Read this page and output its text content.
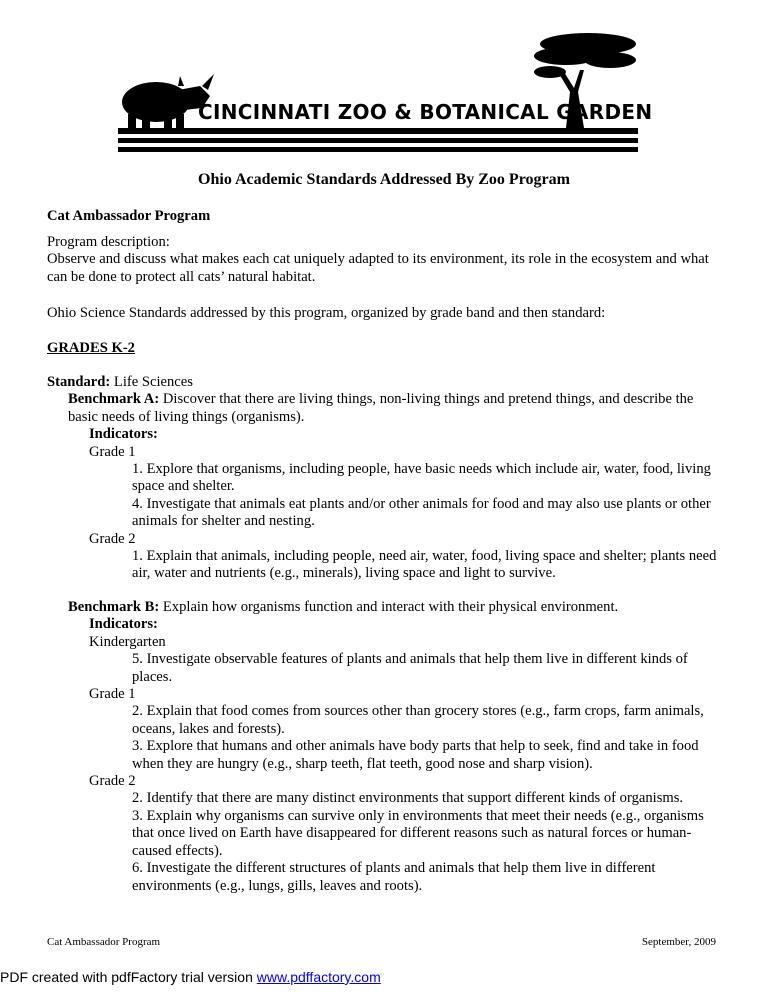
CINCINNATI ZOO & BOTANICAL GARDEN
Ohio Academic Standards Addressed By Zoo Program
Cat Ambassador Program

Program description:

Observe and discuss what makes each cat uniquely adapted to its environment, its role in the ecosystem and what can be done to protect all cats’ natural habitat.

Ohio Science Standards addressed by this program, organized by grade band and then standard:
GRADES K-2

Standard: Life Sciences

Benchmark A: Discover that there are living things, non-living things and pretend things, and describe the basic needs of living things (organisms).

Indicators:

Grade 1

1. Explore that organisms, including people, have basic needs which include air, water, food, living space and shelter.

4. Investigate that animals eat plants and/or other animals for food and may also use plants or other animals for shelter and nesting.

Grade 2

1. Explain that animals, including people, need air, water, food, living space and shelter; plants need air, water and nutrients (e.g., minerals), living space and light to survive.

Benchmark B: Explain how organisms function and interact with their physical environment.

Indicators:

Kindergarten

5. Investigate observable features of plants and animals that help them live in different kinds of places.

Grade 1

2. Explain that food comes from sources other than grocery stores (e.g., farm crops, farm animals, oceans, lakes and forests).

3. Explore that humans and other animals have body parts that help to seek, find and take in food when they are hungry (e.g., sharp teeth, flat teeth, good nose and sharp vision).

Grade 2

2. Identify that there are many distinct environments that support different kinds of organisms.

3. Explain why organisms can survive only in environments that meet their needs (e.g., organisms that once lived on Earth have disappeared for different reasons such as natural forces or human-caused effects).

6. Investigate the different structures of plants and animals that help them live in different environments (e.g., lungs, gills, leaves and roots).

Cat Ambassador Program	September, 2009
PDF created with pdfFactory trial version www.pdffactory.com
